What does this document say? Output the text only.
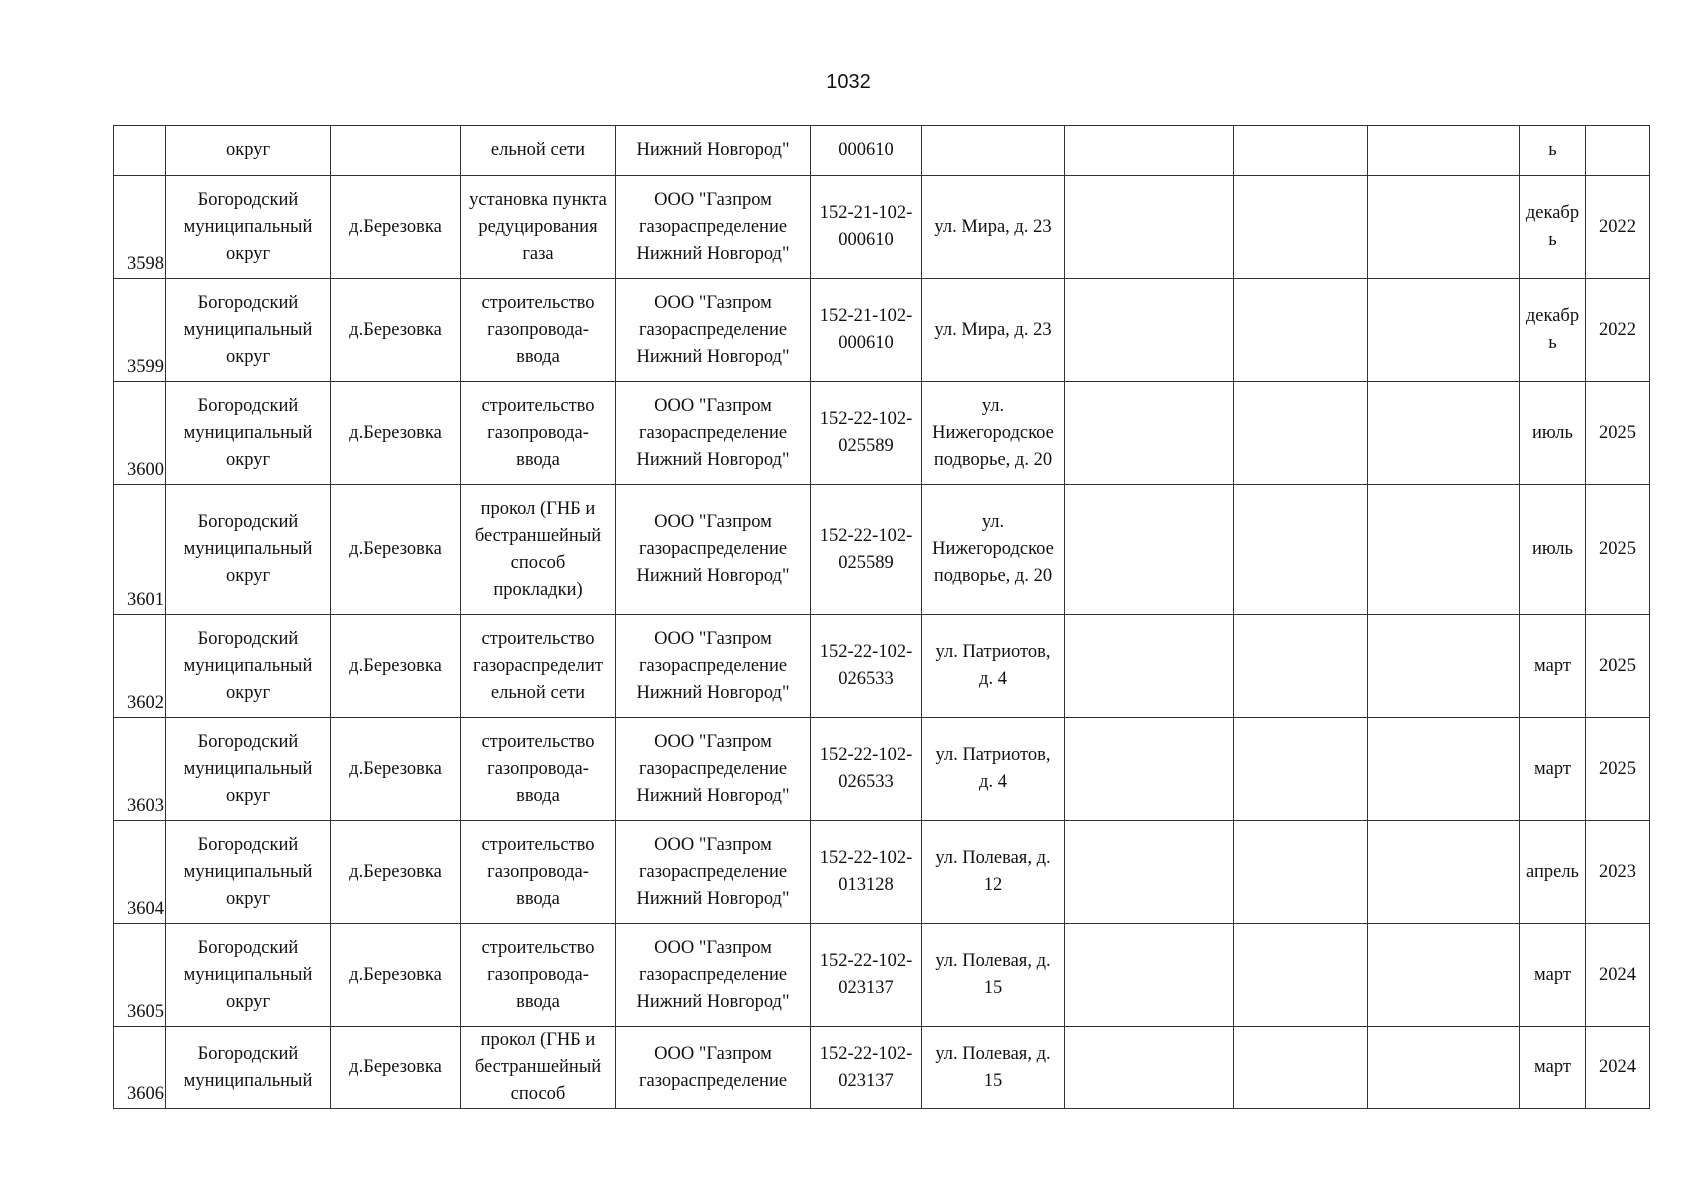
1032
	округ		ельной сети	Нижний Новгород"	000610					ь	
3598	Богородский
муниципальный
округ	д.Березовка	установка пункта
редуцирования
газа	ООО "Газпром
газораспределение
Нижний Новгород"	152-21-102-
000610	ул. Мира, д. 23				декабр
ь	2022
3599	Богородский
муниципальный
округ	д.Березовка	строительство
газопровода-
ввода	ООО "Газпром
газораспределение
Нижний Новгород"	152-21-102-
000610	ул. Мира, д. 23				декабр
ь	2022
3600	Богородский
муниципальный
округ	д.Березовка	строительство
газопровода-
ввода	ООО "Газпром
газораспределение
Нижний Новгород"	152-22-102-
025589	ул.
Нижегородское
подворье, д. 20				июль	2025
3601	Богородский
муниципальный
округ	д.Березовка	прокол (ГНБ и
бестраншейный
способ
прокладки)	ООО "Газпром
газораспределение
Нижний Новгород"	152-22-102-
025589	ул.
Нижегородское
подворье, д. 20				июль	2025
3602	Богородский
муниципальный
округ	д.Березовка	строительство
газораспределит
ельной сети	ООО "Газпром
газораспределение
Нижний Новгород"	152-22-102-
026533	ул. Патриотов,
д. 4				март	2025
3603	Богородский
муниципальный
округ	д.Березовка	строительство
газопровода-
ввода	ООО "Газпром
газораспределение
Нижний Новгород"	152-22-102-
026533	ул. Патриотов,
д. 4				март	2025
3604	Богородский
муниципальный
округ	д.Березовка	строительство
газопровода-
ввода	ООО "Газпром
газораспределение
Нижний Новгород"	152-22-102-
013128	ул. Полевая, д.
12				апрель	2023
3605	Богородский
муниципальный
округ	д.Березовка	строительство
газопровода-
ввода	ООО "Газпром
газораспределение
Нижний Новгород"	152-22-102-
023137	ул. Полевая, д.
15				март	2024
3606	Богородский
муниципальный	д.Березовка	прокол (ГНБ и
бестраншейный
способ	ООО "Газпром
газораспределение	152-22-102-
023137	ул. Полевая, д.
15				март	2024
